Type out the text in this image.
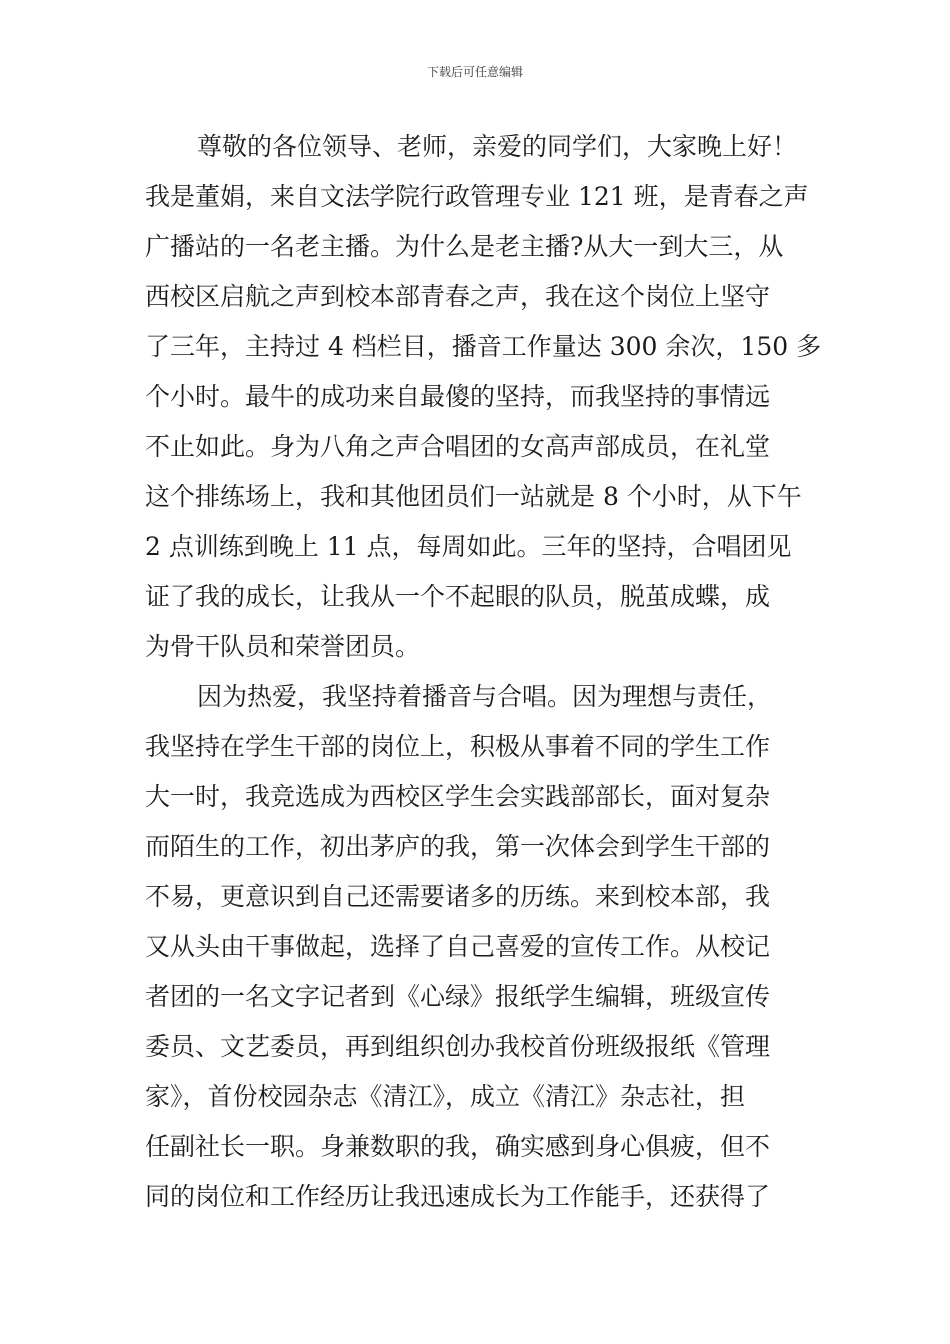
下载后可任意编辑
尊敬的各位领导、老师，亲爱的同学们，大家晚上好！
我是董娟，来自文法学院行政管理专业 121 班，是青春之声
广播站的一名老主播。为什么是老主播?从大一到大三，从
西校区启航之声到校本部青春之声，我在这个岗位上坚守
了三年，主持过 4 档栏目，播音工作量达 300 余次，150 多
个小时。最牛的成功来自最傻的坚持，而我坚持的事情远
不止如此。身为八角之声合唱团的女高声部成员，在礼堂
这个排练场上，我和其他团员们一站就是 8 个小时，从下午
2 点训练到晚上 11 点，每周如此。三年的坚持，合唱团见
证了我的成长，让我从一个不起眼的队员，脱茧成蝶，成
为骨干队员和荣誉团员。
因为热爱，我坚持着播音与合唱。因为理想与责任，
我坚持在学生干部的岗位上，积极从事着不同的学生工作
大一时，我竞选成为西校区学生会实践部部长，面对复杂
而陌生的工作，初出茅庐的我，第一次体会到学生干部的
不易，更意识到自己还需要诸多的历练。来到校本部，我
又从头由干事做起，选择了自己喜爱的宣传工作。从校记
者团的一名文字记者到《心绿》报纸学生编辑，班级宣传
委员、文艺委员，再到组织创办我校首份班级报纸《管理
家》，首份校园杂志《清江》，成立《清江》杂志社，担
任副社长一职。身兼数职的我，确实感到身心俱疲，但不
同的岗位和工作经历让我迅速成长为工作能手，还获得了
